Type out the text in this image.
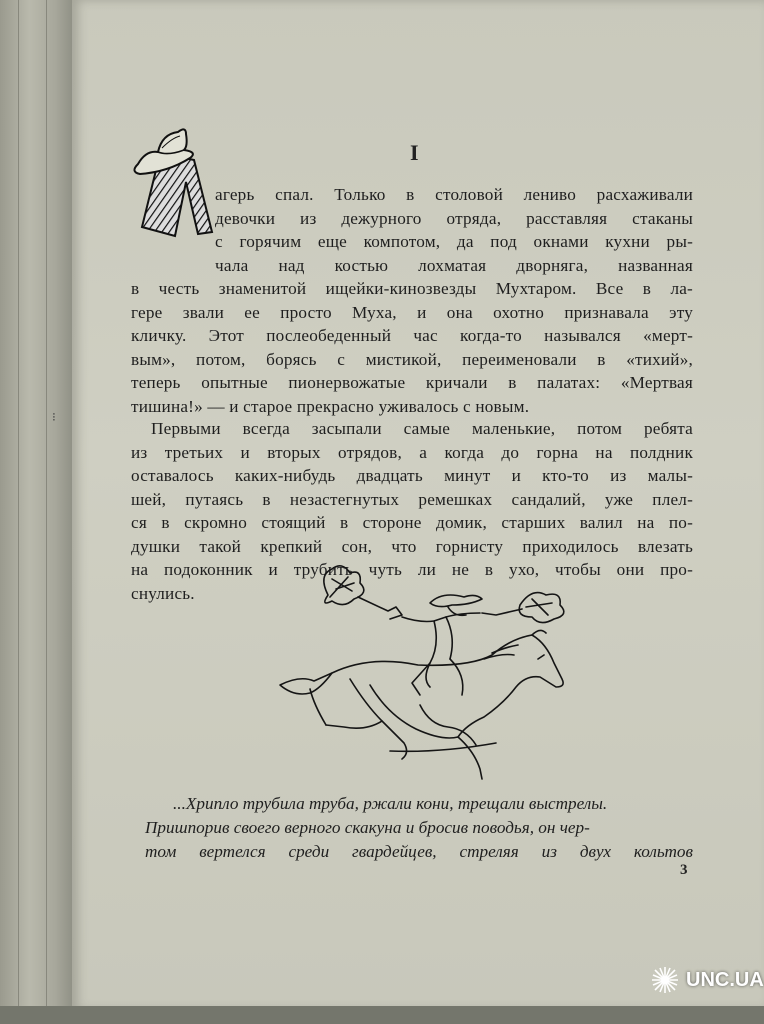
⁝
I
агерь спал. Только в столовой лениво расхаживали
девочки из дежурного отряда, расставляя стаканы
с горячим еще компотом, да под окнами кухни ры-
чала над костью лохматая дворняга, названная
в честь знаменитой ищейки-кинозвезды Мухтаром. Все в ла-
гере звали ее просто Муха, и она охотно признавала эту
кличку. Этот послеобеденный час когда-то назывался «мерт-
вым», потом, борясь с мистикой, переименовали в «тихий»,
теперь опытные пионервожатые кричали в палатах: «Мертвая
тишина!» — и старое прекрасно уживалось с новым.
Первыми всегда засыпали самые маленькие, потом ребята
из третьих и вторых отрядов, а когда до горна на полдник
оставалось каких-нибудь двадцать минут и кто-то из малы-
шей, путаясь в незастегнутых ремешках сандалий, уже плел-
ся в скромно стоящий в стороне домик, старших валил на по-
душки такой крепкий сон, что горнисту приходилось влезать
на подоконник и трубить чуть ли не в ухо, чтобы они про-
снулись.
...Хрипло трубила труба, ржали кони, трещали выстрелы.
Пришпорив своего верного скакуна и бросив поводья, он чер-
том вертелся среди гвардейцев, стреляя из двух кольтов
3
UNC.UA
